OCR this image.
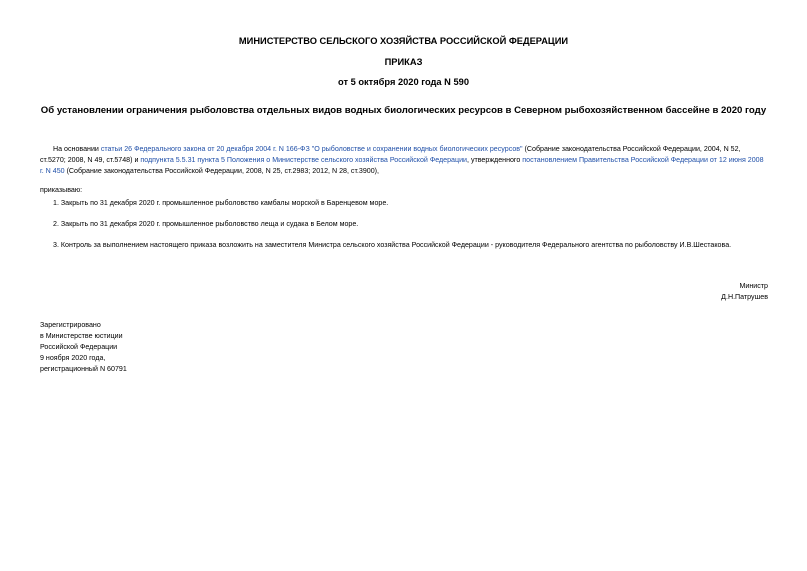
МИНИСТЕРСТВО СЕЛЬСКОГО ХОЗЯЙСТВА РОССИЙСКОЙ ФЕДЕРАЦИИ
ПРИКАЗ
от 5 октября 2020 года N 590
Об установлении ограничения рыболовства отдельных видов водных биологических ресурсов в Северном рыбохозяйственном бассейне в 2020 году
На основании статьи 26 Федерального закона от 20 декабря 2004 г. N 166-ФЗ "О рыболовстве и сохранении водных биологических ресурсов" (Собрание законодательства Российской Федерации, 2004, N 52, ст.5270; 2008, N 49, ст.5748) и подпункта 5.5.31 пункта 5 Положения о Министерстве сельского хозяйства Российской Федерации, утвержденного постановлением Правительства Российской Федерации от 12 июня 2008 г. N 450 (Собрание законодательства Российской Федерации, 2008, N 25, ст.2983; 2012, N 28, ст.3900),
приказываю:
1. Закрыть по 31 декабря 2020 г. промышленное рыболовство камбалы морской в Баренцевом море.
2. Закрыть по 31 декабря 2020 г. промышленное рыболовство леща и судака в Белом море.
3. Контроль за выполнением настоящего приказа возложить на заместителя Министра сельского хозяйства Российской Федерации - руководителя Федерального агентства по рыболовству И.В.Шестакова.
Министр
Д.Н.Патрушев
Зарегистрировано
в Министерстве юстиции
Российской Федерации
9 ноября 2020 года,
регистрационный N 60791
